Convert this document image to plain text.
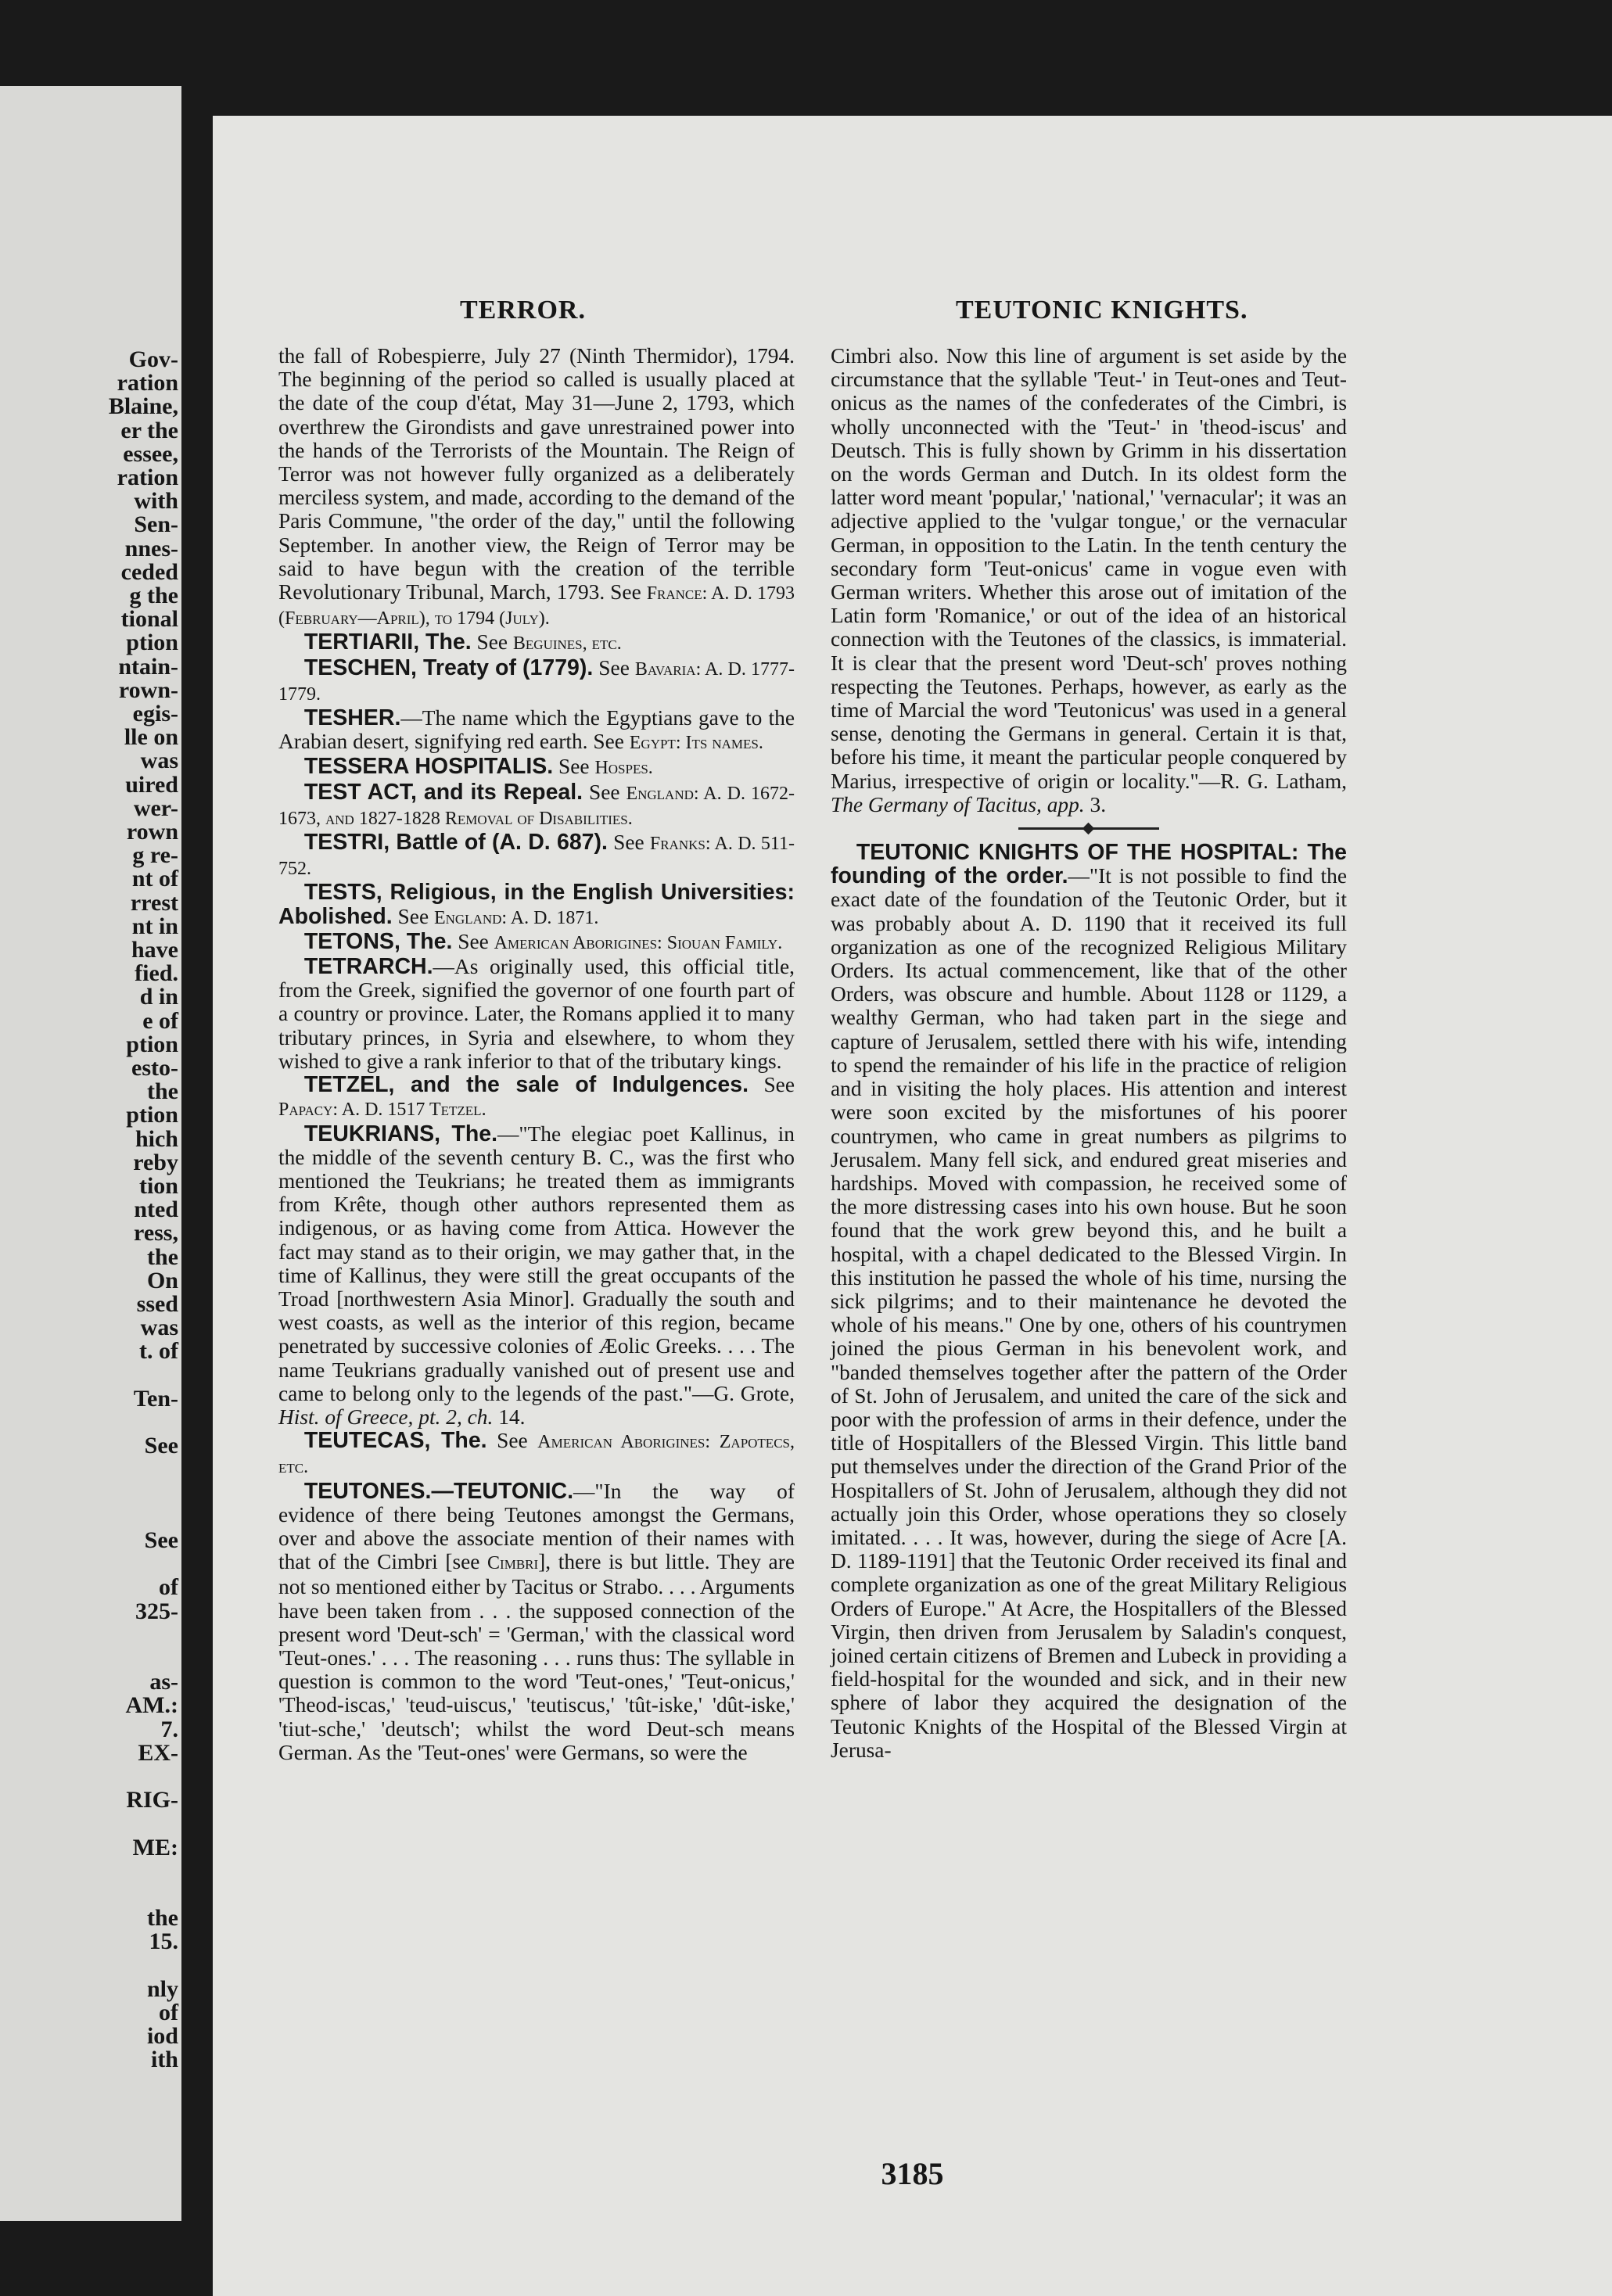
Gov-
ration
Blaine,
er the
essee,
ration
with
Sen-
nnes-
ceded
g the
tional
ption
ntain-
rown-
egis-
lle on
was
uired
wer-
rown
g re-
nt of
rrest
nt in
have
fied.
d in
e of
ption
esto-
the
ption
hich
reby
tion
nted
ress,
the
On
ssed
was
t. of
Ten-
See
See
of
325-
as-
AM.:
7.
EX-
RIG-
ME:
the
15.
nly
of
iod
ith
TERROR.	TEUTONIC KNIGHTS.

the fall of Robespierre, July 27 (Ninth Thermidor), 1794. The beginning of the period so called is usually placed at the date of the coup d'état, May 31—June 2, 1793, which overthrew the Girondists and gave unrestrained power into the hands of the Terrorists of the Mountain. The Reign of Terror was not however fully organized as a deliberately merciless system, and made, according to the demand of the Paris Commune, "the order of the day," until the following September. In another view, the Reign of Terror may be said to have begun with the creation of the terrible Revolutionary Tribunal, March, 1793. See France: A. D. 1793 (February—April), to 1794 (July).

TERTIARII, The. See Beguines, etc.

TESCHEN, Treaty of (1779). See Bavaria: A. D. 1777-1779.

TESHER.—The name which the Egyptians gave to the Arabian desert, signifying red earth. See Egypt: Its names.

TESSERA HOSPITALIS. See Hospes.

TEST ACT, and its Repeal. See England: A. D. 1672-1673, and 1827-1828 Removal of Disabilities.

TESTRI, Battle of (A. D. 687). See Franks: A. D. 511-752.

TESTS, Religious, in the English Universities: Abolished. See England: A. D. 1871.

TETONS, The. See American Aborigines: Siouan Family.

TETRARCH.—As originally used, this official title, from the Greek, signified the governor of one fourth part of a country or province. Later, the Romans applied it to many tributary princes, in Syria and elsewhere, to whom they wished to give a rank inferior to that of the tributary kings.

TETZEL, and the sale of Indulgences. See Papacy: A. D. 1517 Tetzel.

TEUKRIANS, The.—"The elegiac poet Kallinus, in the middle of the seventh century B. C., was the first who mentioned the Teukrians; he treated them as immigrants from Krête, though other authors represented them as indigenous, or as having come from Attica. However the fact may stand as to their origin, we may gather that, in the time of Kallinus, they were still the great occupants of the Troad [northwestern Asia Minor]. Gradually the south and west coasts, as well as the interior of this region, became penetrated by successive colonies of Æolic Greeks. . . . The name Teukrians gradually vanished out of present use and came to belong only to the legends of the past."—G. Grote, Hist. of Greece, pt. 2, ch. 14.

TEUTECAS, The. See American Aborigines: Zapotecs, etc.

TEUTONES.—TEUTONIC.—"In the way of evidence of there being Teutones amongst the Germans, over and above the associate mention of their names with that of the Cimbri [see Cimbri], there is but little. They are not so mentioned either by Tacitus or Strabo. . . . Arguments have been taken from . . . the supposed connection of the present word 'Deut-sch' = 'German,' with the classical word 'Teut-ones.' . . . The reasoning . . . runs thus: The syllable in question is common to the word 'Teut-ones,' 'Teut-onicus,' 'Theod-iscas,' 'teud-uiscus,' 'teutiscus,' 'tût-iske,' 'dût-iske,' 'tiut-sche,' 'deutsch'; whilst the word Deut-sch means German. As the 'Teut-ones' were Germans, so were the

Cimbri also. Now this line of argument is set aside by the circumstance that the syllable 'Teut-' in Teut-ones and Teut-onicus as the names of the confederates of the Cimbri, is wholly unconnected with the 'Teut-' in 'theod-iscus' and Deutsch. This is fully shown by Grimm in his dissertation on the words German and Dutch. In its oldest form the latter word meant 'popular,' 'national,' 'vernacular'; it was an adjective applied to the 'vulgar tongue,' or the vernacular German, in opposition to the Latin. In the tenth century the secondary form 'Teut-onicus' came in vogue even with German writers. Whether this arose out of imitation of the Latin form 'Romanice,' or out of the idea of an historical connection with the Teutones of the classics, is immaterial. It is clear that the present word 'Deut-sch' proves nothing respecting the Teutones. Perhaps, however, as early as the time of Marcial the word 'Teutonicus' was used in a general sense, denoting the Germans in general. Certain it is that, before his time, it meant the particular people conquered by Marius, irrespective of origin or locality."—R. G. Latham, The Germany of Tacitus, app. 3.

TEUTONIC KNIGHTS OF THE HOSPITAL: The founding of the order.—"It is not possible to find the exact date of the foundation of the Teutonic Order, but it was probably about A. D. 1190 that it received its full organization as one of the recognized Religious Military Orders. Its actual commencement, like that of the other Orders, was obscure and humble. About 1128 or 1129, a wealthy German, who had taken part in the siege and capture of Jerusalem, settled there with his wife, intending to spend the remainder of his life in the practice of religion and in visiting the holy places. His attention and interest were soon excited by the misfortunes of his poorer countrymen, who came in great numbers as pilgrims to Jerusalem. Many fell sick, and endured great miseries and hardships. Moved with compassion, he received some of the more distressing cases into his own house. But he soon found that the work grew beyond this, and he built a hospital, with a chapel dedicated to the Blessed Virgin. In this institution he passed the whole of his time, nursing the sick pilgrims; and to their maintenance he devoted the whole of his means." One by one, others of his countrymen joined the pious German in his benevolent work, and "banded themselves together after the pattern of the Order of St. John of Jerusalem, and united the care of the sick and poor with the profession of arms in their defence, under the title of Hospitallers of the Blessed Virgin. This little band put themselves under the direction of the Grand Prior of the Hospitallers of St. John of Jerusalem, although they did not actually join this Order, whose operations they so closely imitated. . . . It was, however, during the siege of Acre [A. D. 1189-1191] that the Teutonic Order received its final and complete organization as one of the great Military Religious Orders of Europe." At Acre, the Hospitallers of the Blessed Virgin, then driven from Jerusalem by Saladin's conquest, joined certain citizens of Bremen and Lubeck in providing a field-hospital for the wounded and sick, and in their new sphere of labor they acquired the designation of the Teutonic Knights of the Hospital of the Blessed Virgin at Jerusa-

3185
